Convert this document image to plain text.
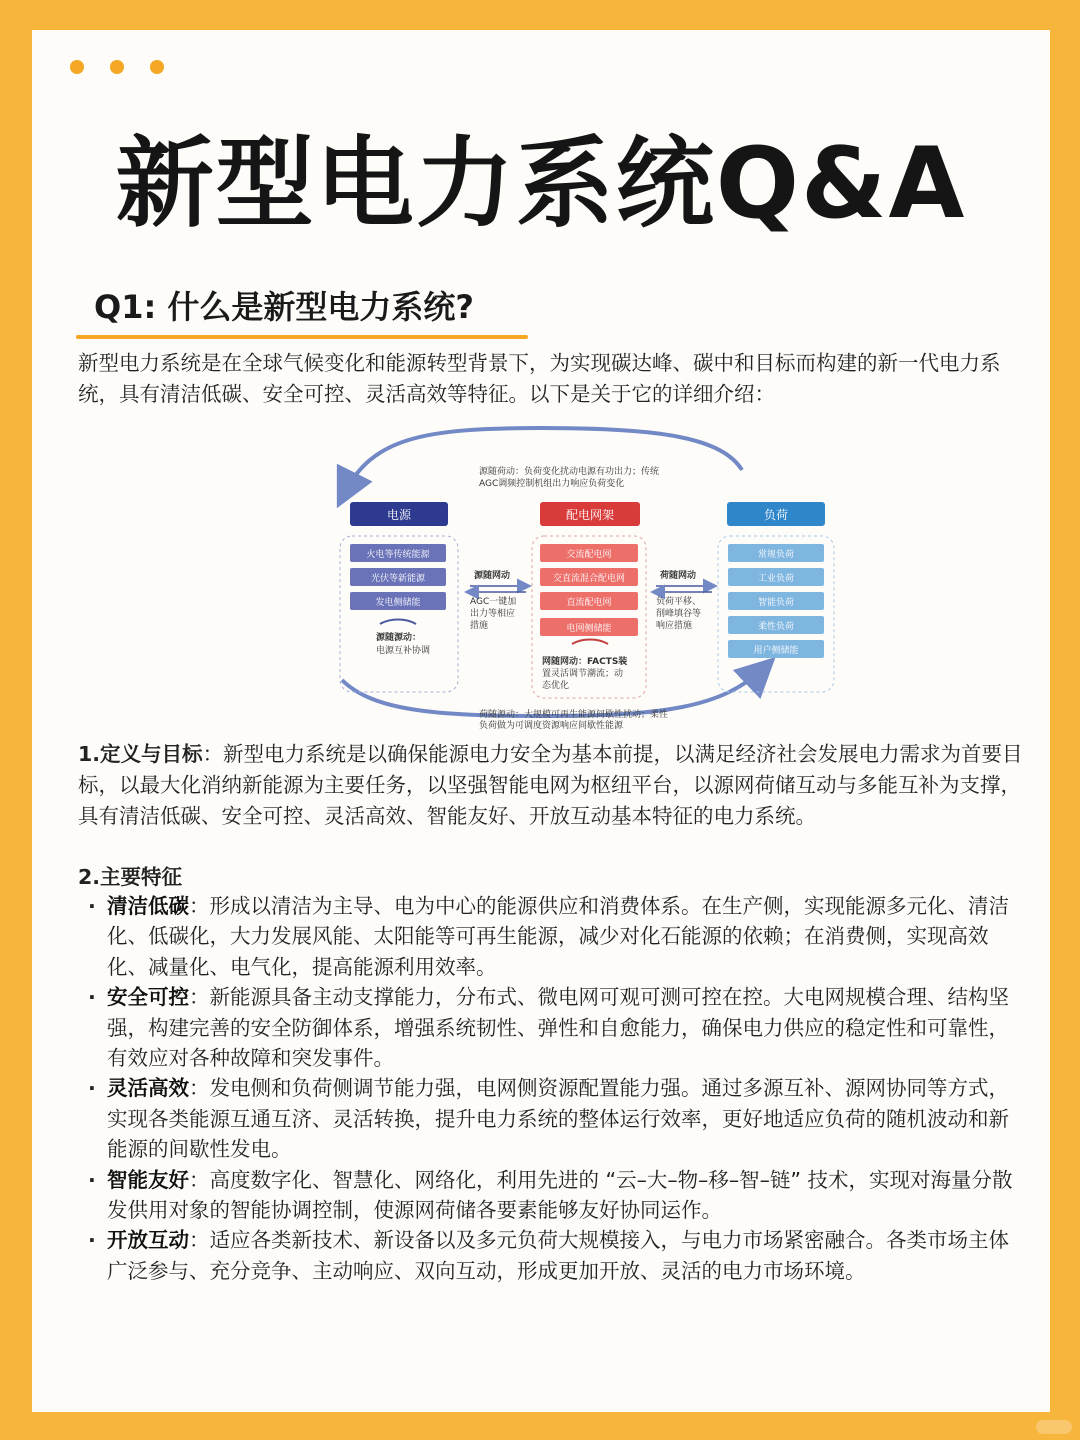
新型电力系统Q&A
Q1: 什么是新型电力系统?
新型电力系统是在全球气候变化和能源转型背景下，为实现碳达峰、碳中和目标而构建的新一代电力系统，具有清洁低碳、安全可控、灵活高效等特征。以下是关于它的详细介绍：
源随荷动：负荷变化扰动电源有功出力；传统
AGC调频控制机组出力响应负荷变化
荷随源动：大规模可再生能源间歇性扰动；柔性
负荷做为可调度资源响应间歇性能源
电源
火电等传统能源
光伏等新能源
发电侧储能
源随源动：
电源互补协调
源随网动
AGC一键加
出力等相应
措施
配电网架
交流配电网
交直流混合配电网
直流配电网
电网侧储能
网随网动：FACTS装
置灵活调节潮流；动
态优化
荷随网动
负荷平移、
削峰填谷等
响应措施
负荷
常规负荷
工业负荷
智能负荷
柔性负荷
用户侧储能
1.定义与目标：新型电力系统是以确保能源电力安全为基本前提，以满足经济社会发展电力需求为首要目标，以最大化消纳新能源为主要任务，以坚强智能电网为枢纽平台，以源网荷储互动与多能互补为支撑，具有清洁低碳、安全可控、灵活高效、智能友好、开放互动基本特征的电力系统。
2.主要特征
· 清洁低碳：形成以清洁为主导、电为中心的能源供应和消费体系。在生产侧，实现能源多元化、清洁化、低碳化，大力发展风能、太阳能等可再生能源，减少对化石能源的依赖；在消费侧，实现高效化、减量化、电气化，提高能源利用效率。
· 安全可控：新能源具备主动支撑能力，分布式、微电网可观可测可控在控。大电网规模合理、结构坚强，构建完善的安全防御体系，增强系统韧性、弹性和自愈能力，确保电力供应的稳定性和可靠性，有效应对各种故障和突发事件。
· 灵活高效：发电侧和负荷侧调节能力强，电网侧资源配置能力强。通过多源互补、源网协同等方式，实现各类能源互通互济、灵活转换，提升电力系统的整体运行效率，更好地适应负荷的随机波动和新能源的间歇性发电。
· 智能友好：高度数字化、智慧化、网络化，利用先进的 “云–大–物–移–智–链” 技术，实现对海量分散发供用对象的智能协调控制，使源网荷储各要素能够友好协同运作。
· 开放互动：适应各类新技术、新设备以及多元负荷大规模接入，与电力市场紧密融合。各类市场主体广泛参与、充分竞争、主动响应、双向互动，形成更加开放、灵活的电力市场环境。
